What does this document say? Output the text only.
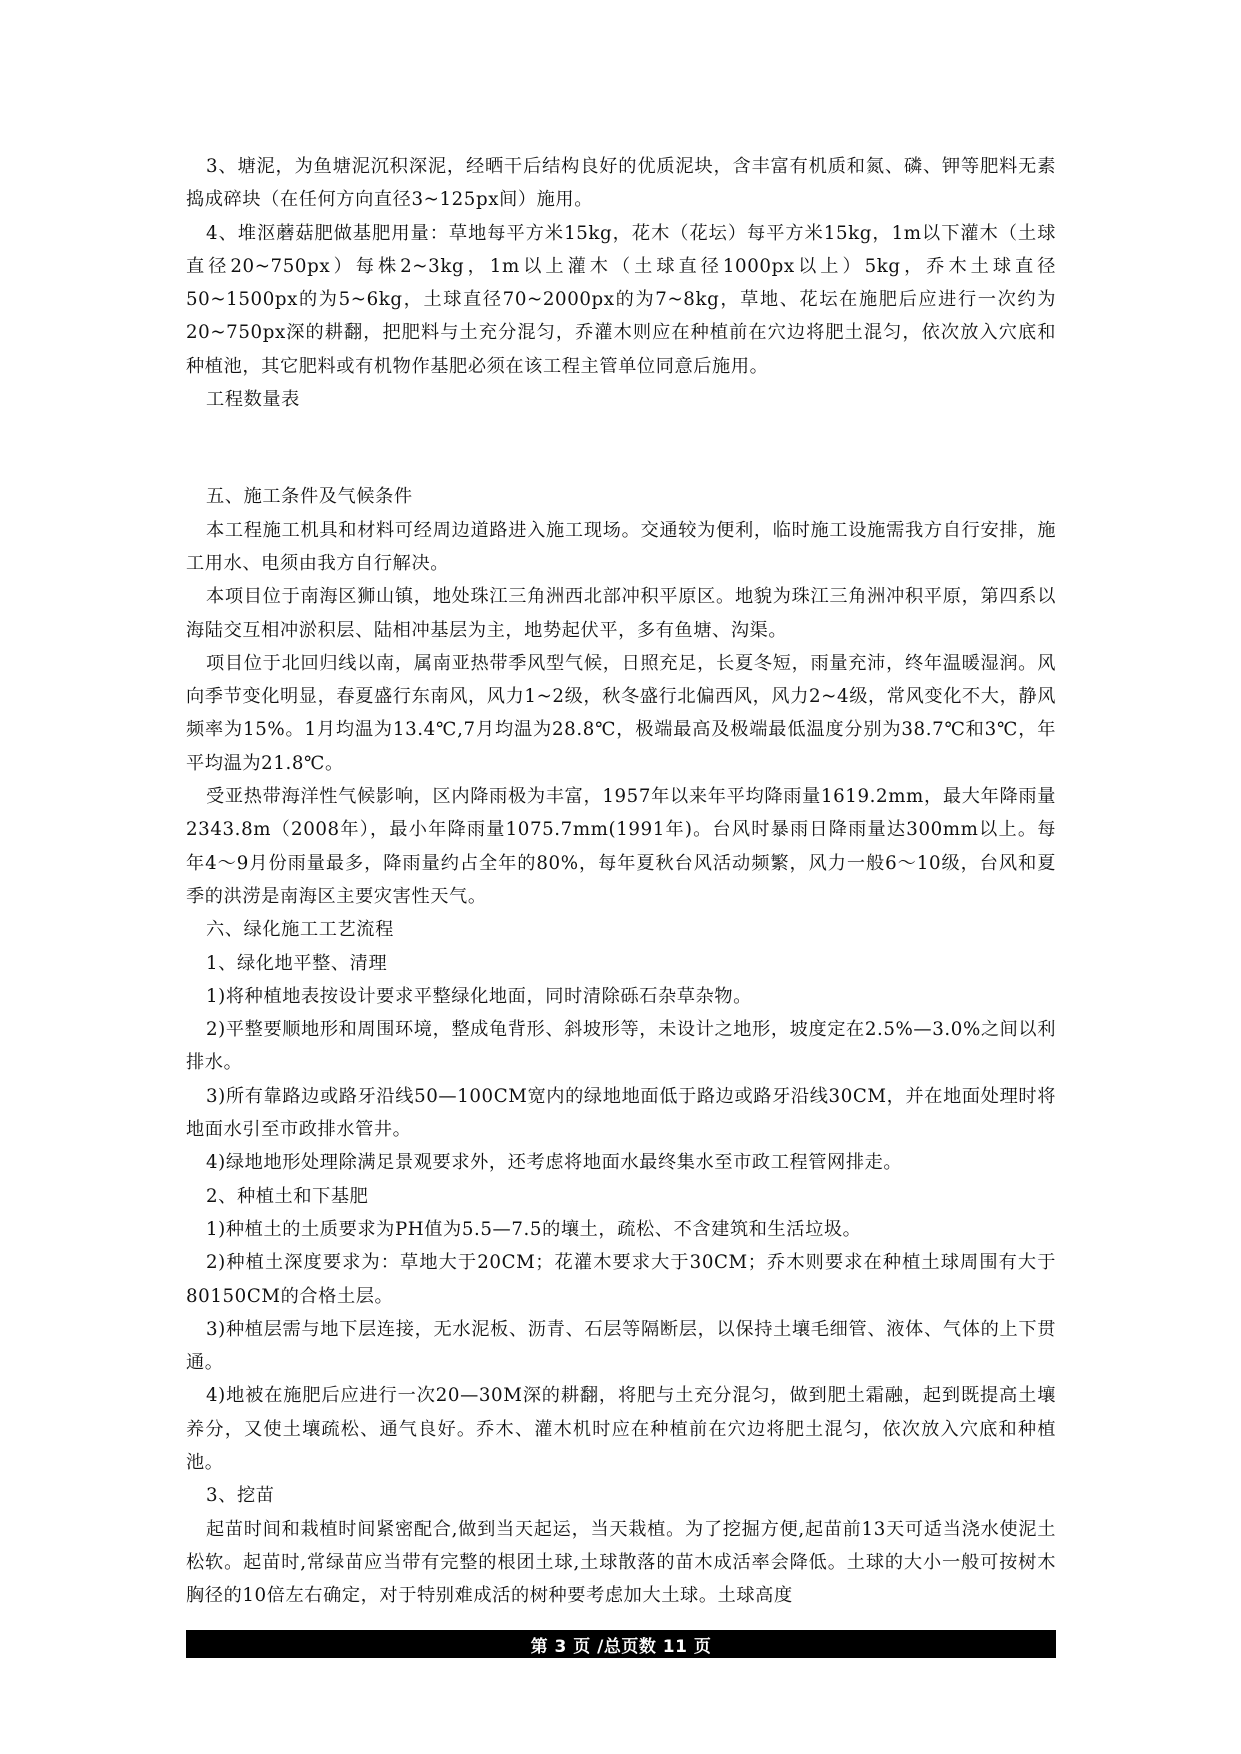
3、塘泥，为鱼塘泥沉积深泥，经晒干后结构良好的优质泥块，含丰富有机质和氮、磷、钾等肥料无素捣成碎块（在任何方向直径3~125px间）施用。

4、堆沤蘑菇肥做基肥用量：草地每平方米15kg，花木（花坛）每平方米15kg，1m以下灌木（土球直径20~750px）每株2~3kg，1m以上灌木（土球直径1000px以上）5kg，乔木土球直径50~1500px的为5~6kg，土球直径70~2000px的为7~8kg，草地、花坛在施肥后应进行一次约为20~750px深的耕翻，把肥料与土充分混匀，乔灌木则应在种植前在穴边将肥土混匀，依次放入穴底和种植池，其它肥料或有机物作基肥必须在该工程主管单位同意后施用。

工程数量表

五、施工条件及气候条件

本工程施工机具和材料可经周边道路进入施工现场。交通较为便利，临时施工设施需我方自行安排，施工用水、电须由我方自行解决。

本项目位于南海区狮山镇，地处珠江三角洲西北部冲积平原区。地貌为珠江三角洲冲积平原，第四系以海陆交互相冲淤积层、陆相冲基层为主，地势起伏平，多有鱼塘、沟渠。

项目位于北回归线以南，属南亚热带季风型气候，日照充足，长夏冬短，雨量充沛，终年温暖湿润。风向季节变化明显，春夏盛行东南风，风力1~2级，秋冬盛行北偏西风，风力2~4级，常风变化不大，静风频率为15%。1月均温为13.4℃,7月均温为28.8℃，极端最高及极端最低温度分别为38.7℃和3℃，年平均温为21.8℃。

受亚热带海洋性气候影响，区内降雨极为丰富，1957年以来年平均降雨量1619.2mm，最大年降雨量2343.8m（2008年），最小年降雨量1075.7mm(1991年)。台风时暴雨日降雨量达300mm以上。每年4～9月份雨量最多，降雨量约占全年的80%，每年夏秋台风活动频繁，风力一般6～10级，台风和夏季的洪涝是南海区主要灾害性天气。

六、绿化施工工艺流程

1、绿化地平整、清理

1)将种植地表按设计要求平整绿化地面，同时清除砾石杂草杂物。

2)平整要顺地形和周围环境，整成龟背形、斜坡形等，未设计之地形，坡度定在2.5%—3.0%之间以利排水。

3)所有靠路边或路牙沿线50—100CM宽内的绿地地面低于路边或路牙沿线30CM，并在地面处理时将地面水引至市政排水管井。

4)绿地地形处理除满足景观要求外，还考虑将地面水最终集水至市政工程管网排走。

2、种植土和下基肥

1)种植土的土质要求为PH值为5.5—7.5的壤土，疏松、不含建筑和生活垃圾。

2)种植土深度要求为：草地大于20CM；花灌木要求大于30CM；乔木则要求在种植土球周围有大于80150CM的合格土层。

3)种植层需与地下层连接，无水泥板、沥青、石层等隔断层，以保持土壤毛细管、液体、气体的上下贯通。

4)地被在施肥后应进行一次20—30M深的耕翻，将肥与土充分混匀，做到肥土霜融，起到既提高土壤养分，又使土壤疏松、通气良好。乔木、灌木机时应在种植前在穴边将肥土混匀，依次放入穴底和种植池。

3、挖苗

起苗时间和栽植时间紧密配合,做到当天起运，当天栽植。为了挖掘方便,起苗前13天可适当浇水使泥土松软。起苗时,常绿苗应当带有完整的根团土球,土球散落的苗木成活率会降低。土球的大小一般可按树木胸径的10倍左右确定，对于特别难成活的树种要考虑加大土球。土球高度

第 3 页 /总页数 11 页
